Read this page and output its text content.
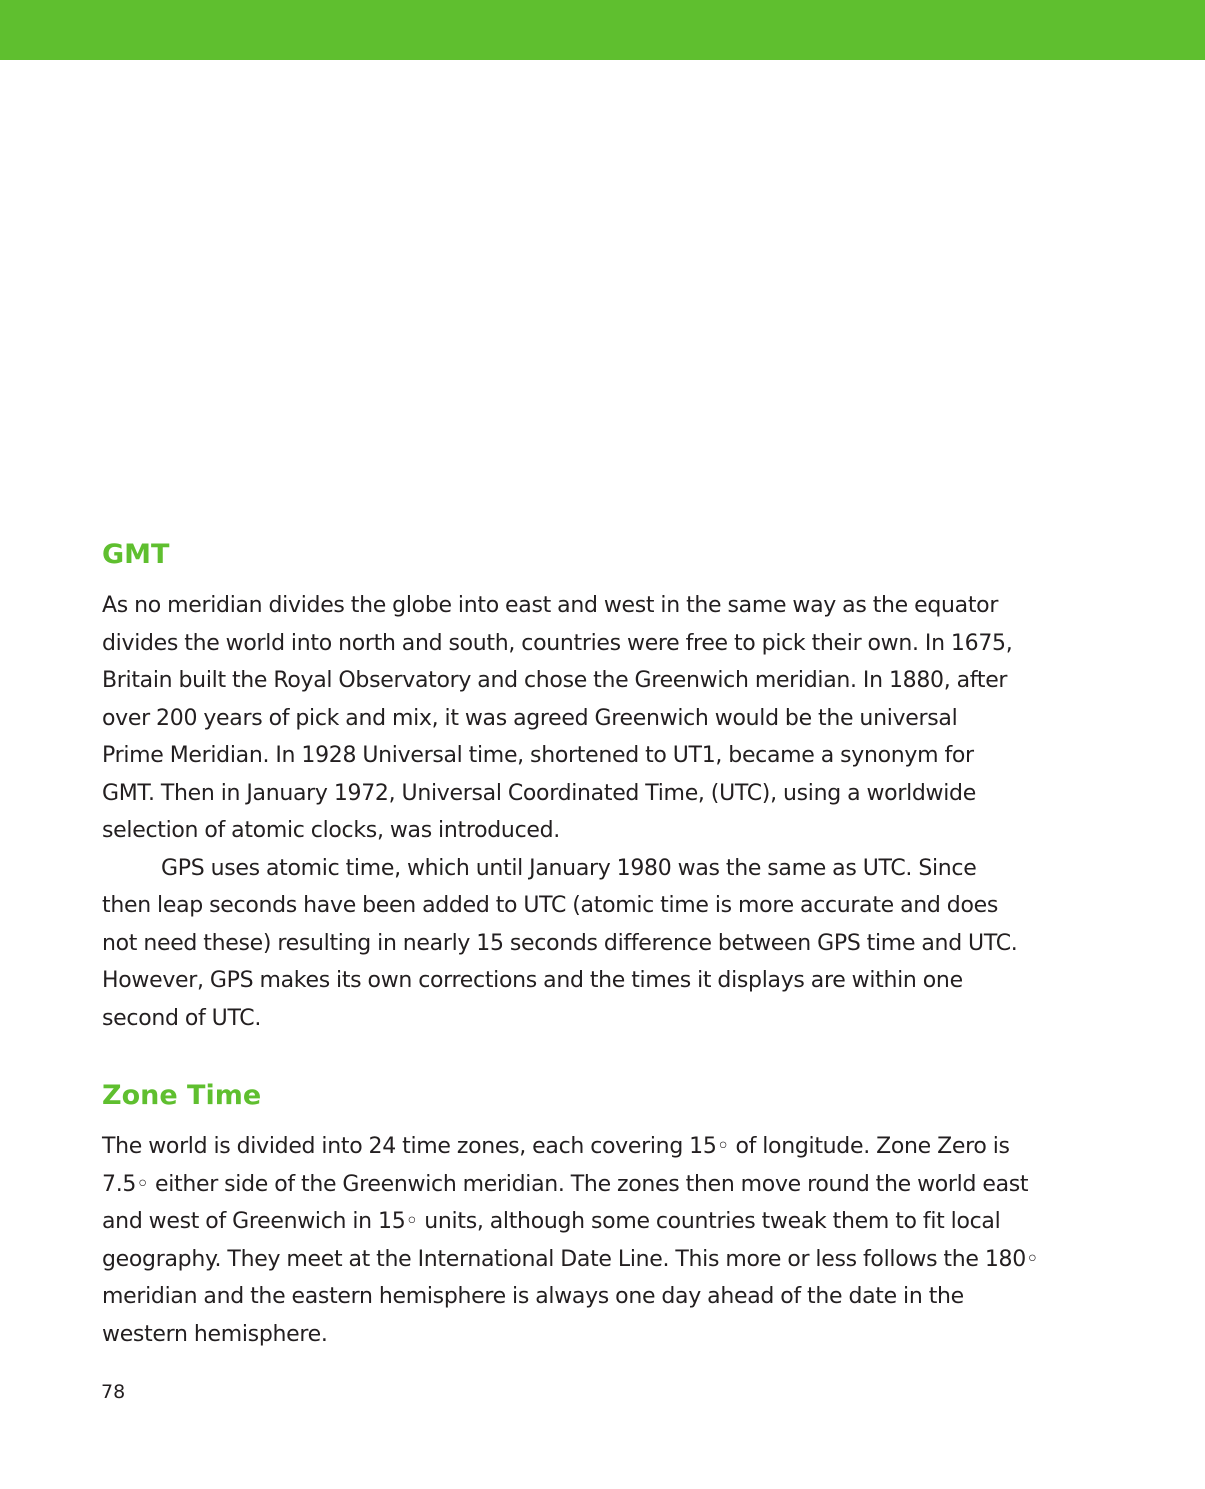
GMT

As no meridian divides the globe into east and west in the same way as the equator
divides the world into north and south, countries were free to pick their own. In 1675,
Britain built the Royal Observatory and chose the Greenwich meridian. In 1880, after
over 200 years of pick and mix, it was agreed Greenwich would be the universal
Prime Meridian. In 1928 Universal time, shortened to UT1, became a synonym for
GMT. Then in January 1972, Universal Coordinated Time, (UTC), using a worldwide
selection of atomic clocks, was introduced.

GPS uses atomic time, which until January 1980 was the same as UTC. Since
then leap seconds have been added to UTC (atomic time is more accurate and does
not need these) resulting in nearly 15 seconds difference between GPS time and UTC.
However, GPS makes its own corrections and the times it displays are within one
second of UTC.

Zone Time

The world is divided into 24 time zones, each covering 15◦ of longitude. Zone Zero is
7.5◦ either side of the Greenwich meridian. The zones then move round the world east
and west of Greenwich in 15◦ units, although some countries tweak them to fit local
geography. They meet at the International Date Line. This more or less follows the 180◦
meridian and the eastern hemisphere is always one day ahead of the date in the
western hemisphere.

78
